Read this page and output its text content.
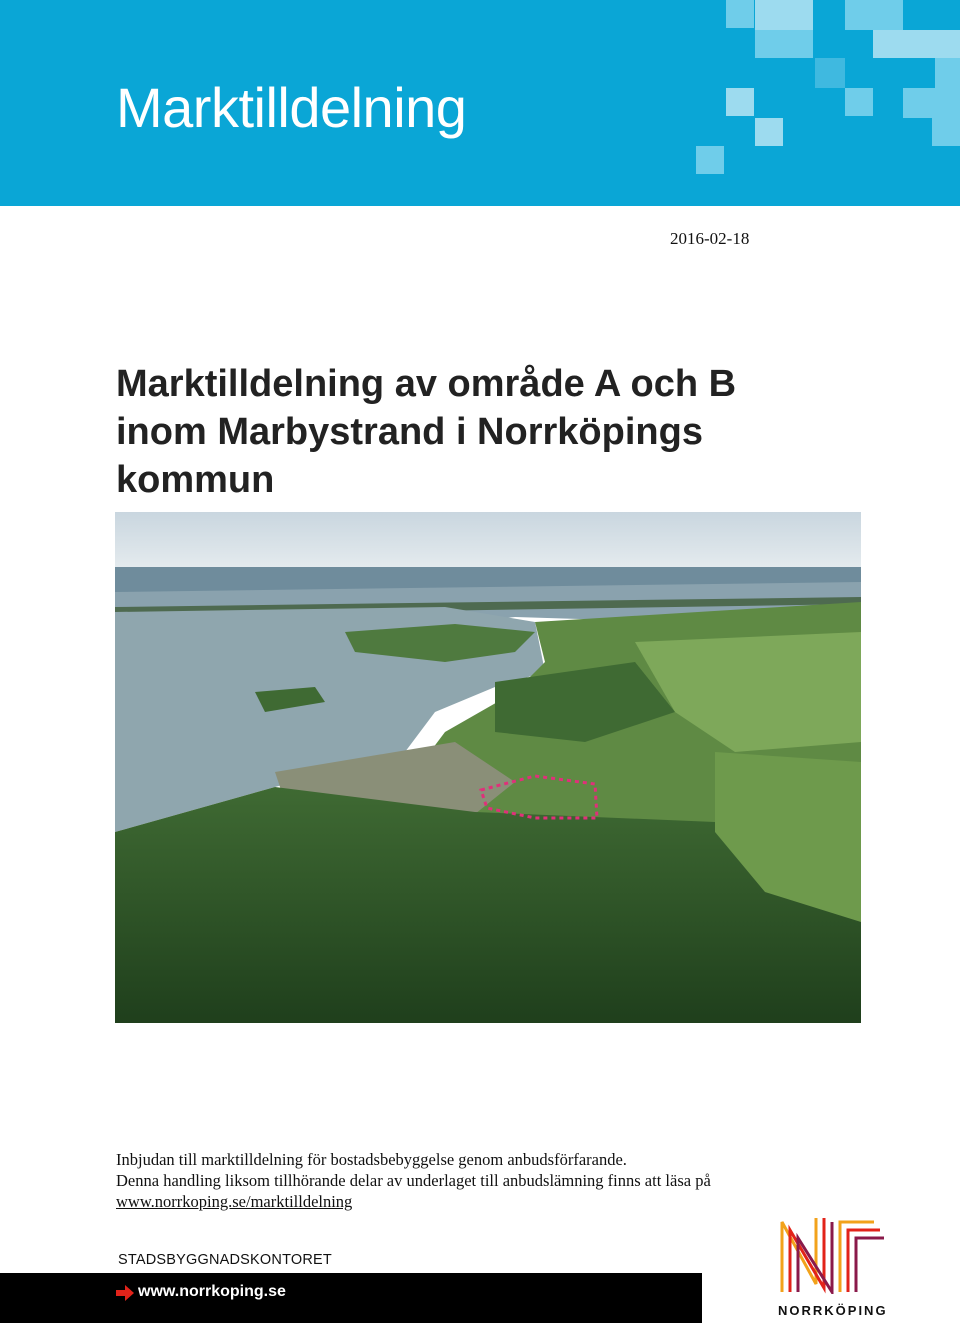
Marktilldelning
2016-02-18
Marktilldelning av område A och B inom Marbystrand i Norrköpings kommun

Inbjudan till marktilldelning för bostadsbebyggelse genom anbudsförfarande.

Denna handling liksom tillhörande delar av underlaget till anbudslämning finns att läsa på www.norrkoping.se/marktilldelning

STADSBYGGNADSKONTORET
www.norrkoping.se
NORRKÖPING
